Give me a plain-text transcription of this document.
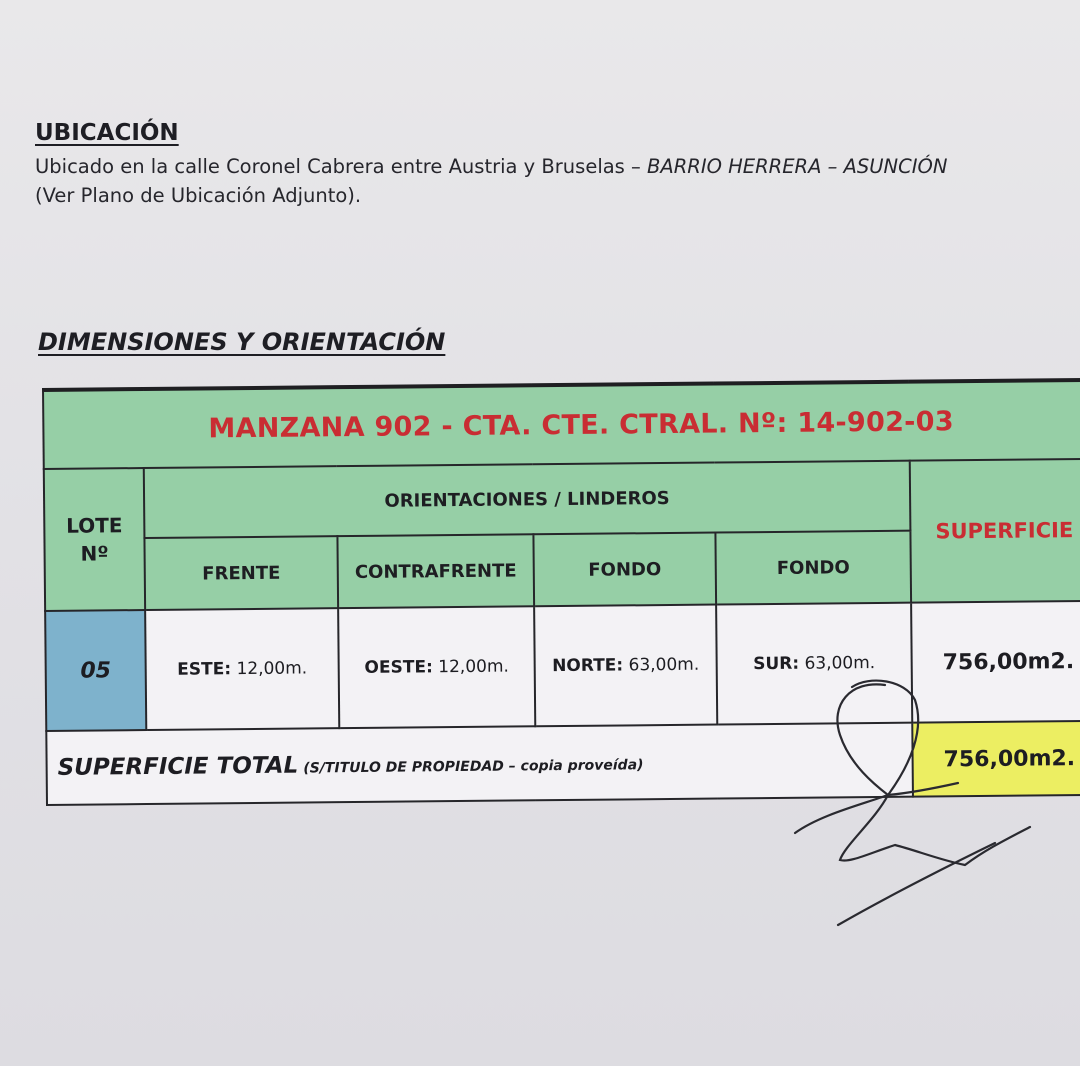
UBICACIÓN
Ubicado en la calle Coronel Cabrera entre Austria y Bruselas – BARRIO HERRERA – ASUNCIÓN
(Ver Plano de Ubicación Adjunto).
DIMENSIONES Y ORIENTACIÓN
MANZANA 902 - CTA. CTE. CTRAL. Nº: 14-902-03					
LOTE
Nº	ORIENTACIONES / LINDEROS				SUPERFICIE
	FRENTE	CONTRAFRENTE	FONDO	FONDO	
05	ESTE: 12,00m.	OESTE: 12,00m.	NORTE: 63,00m.	SUR: 63,00m.	756,00m2.
SUPERFICIE TOTAL (S/TITULO DE PROPIEDAD – copia proveída)					756,00m2.
